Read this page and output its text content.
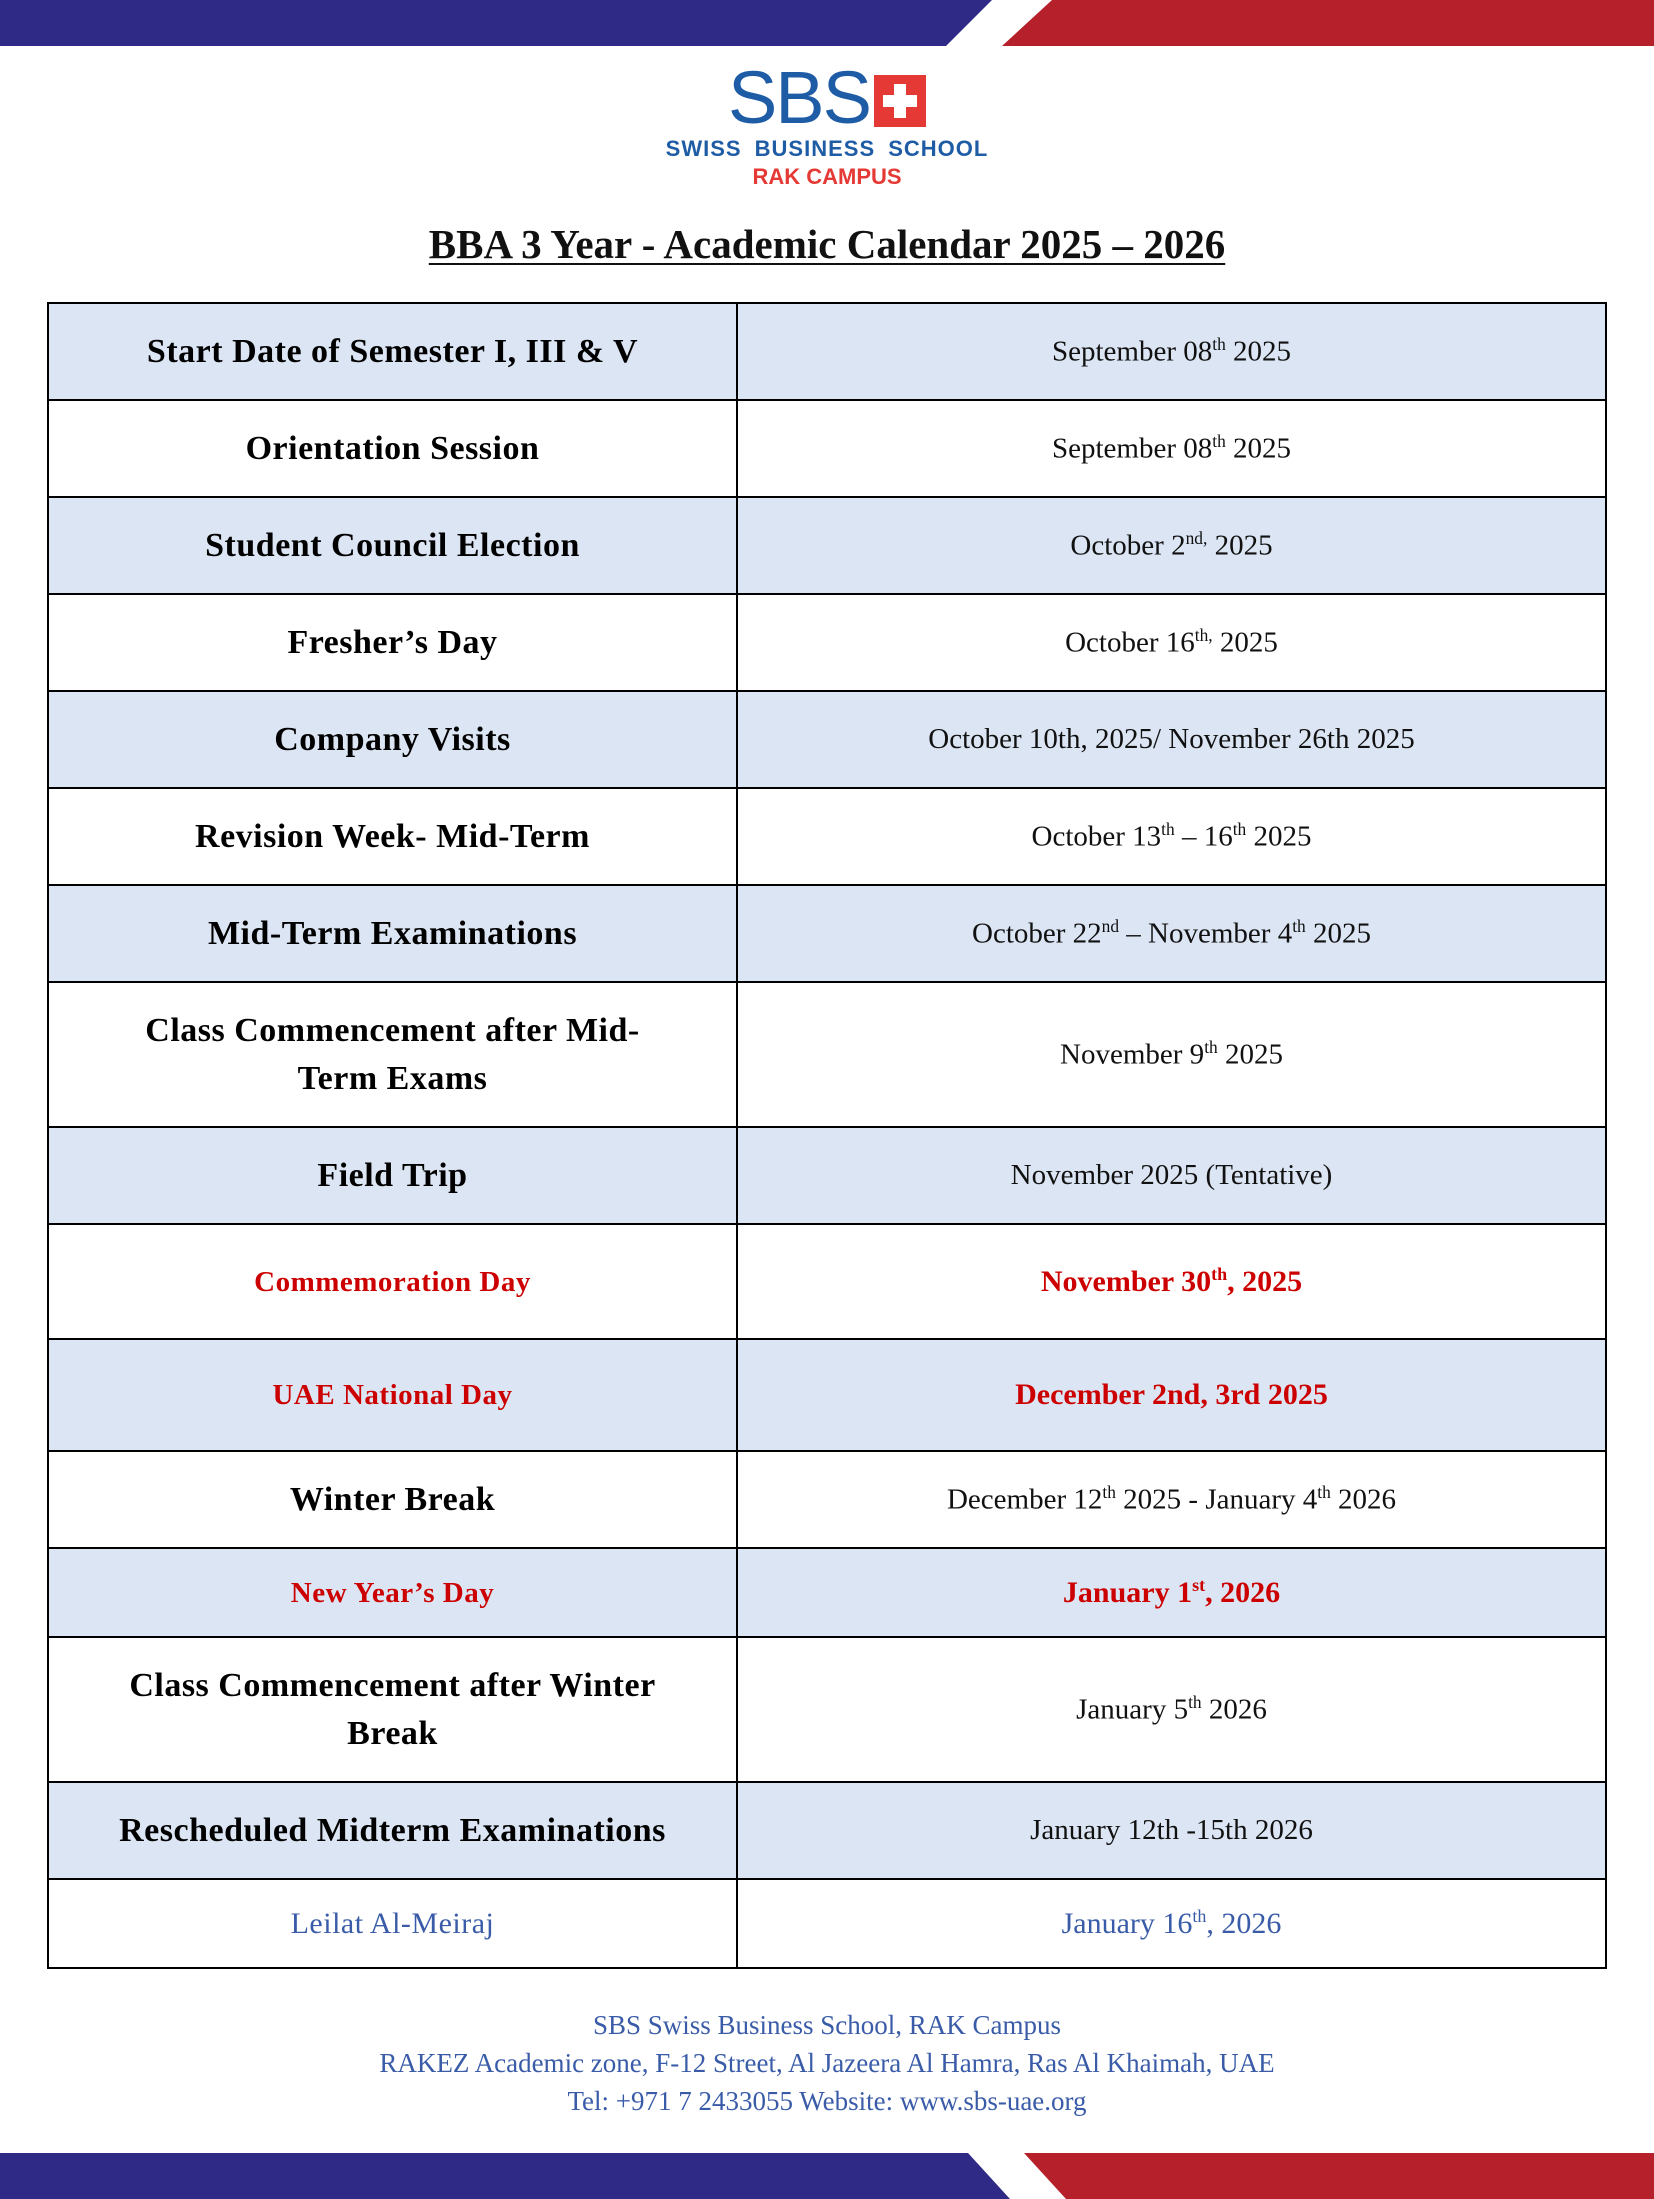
SBS
SWISS BUSINESS SCHOOL
RAK CAMPUS
BBA 3 Year - Academic Calendar 2025 – 2026
Start Date of Semester I, III & V	September 08th 2025
Orientation Session	September 08th 2025
Student Council Election	October $2^{nd,}$ 2025
Fresher’s Day	October $16^{th,}$ 2025
Company Visits	October 10th, 2025/ November 26th 2025
Revision Week- Mid-Term	October 13th – 16th 2025
Mid-Term Examinations	October 22nd – November 4th 2025
Class Commencement after Mid-
Term Exams	November 9th 2025
Field Trip	November 2025 (Tentative)
Commemoration Day	November 30th, 2025
UAE National Day	December 2nd, 3rd 2025
Winter Break	December 12th 2025 - January 4th 2026
New Year’s Day	January 1st, 2026
Class Commencement after Winter
Break	January 5th 2026
Rescheduled Midterm Examinations	January 12th -15th 2026
Leilat Al-Meiraj	January 16th, 2026
SBS Swiss Business School, RAK Campus
RAKEZ Academic zone, F-12 Street, Al Jazeera Al Hamra, Ras Al Khaimah, UAE
Tel: +971 7 2433055 Website: www.sbs-uae.org
